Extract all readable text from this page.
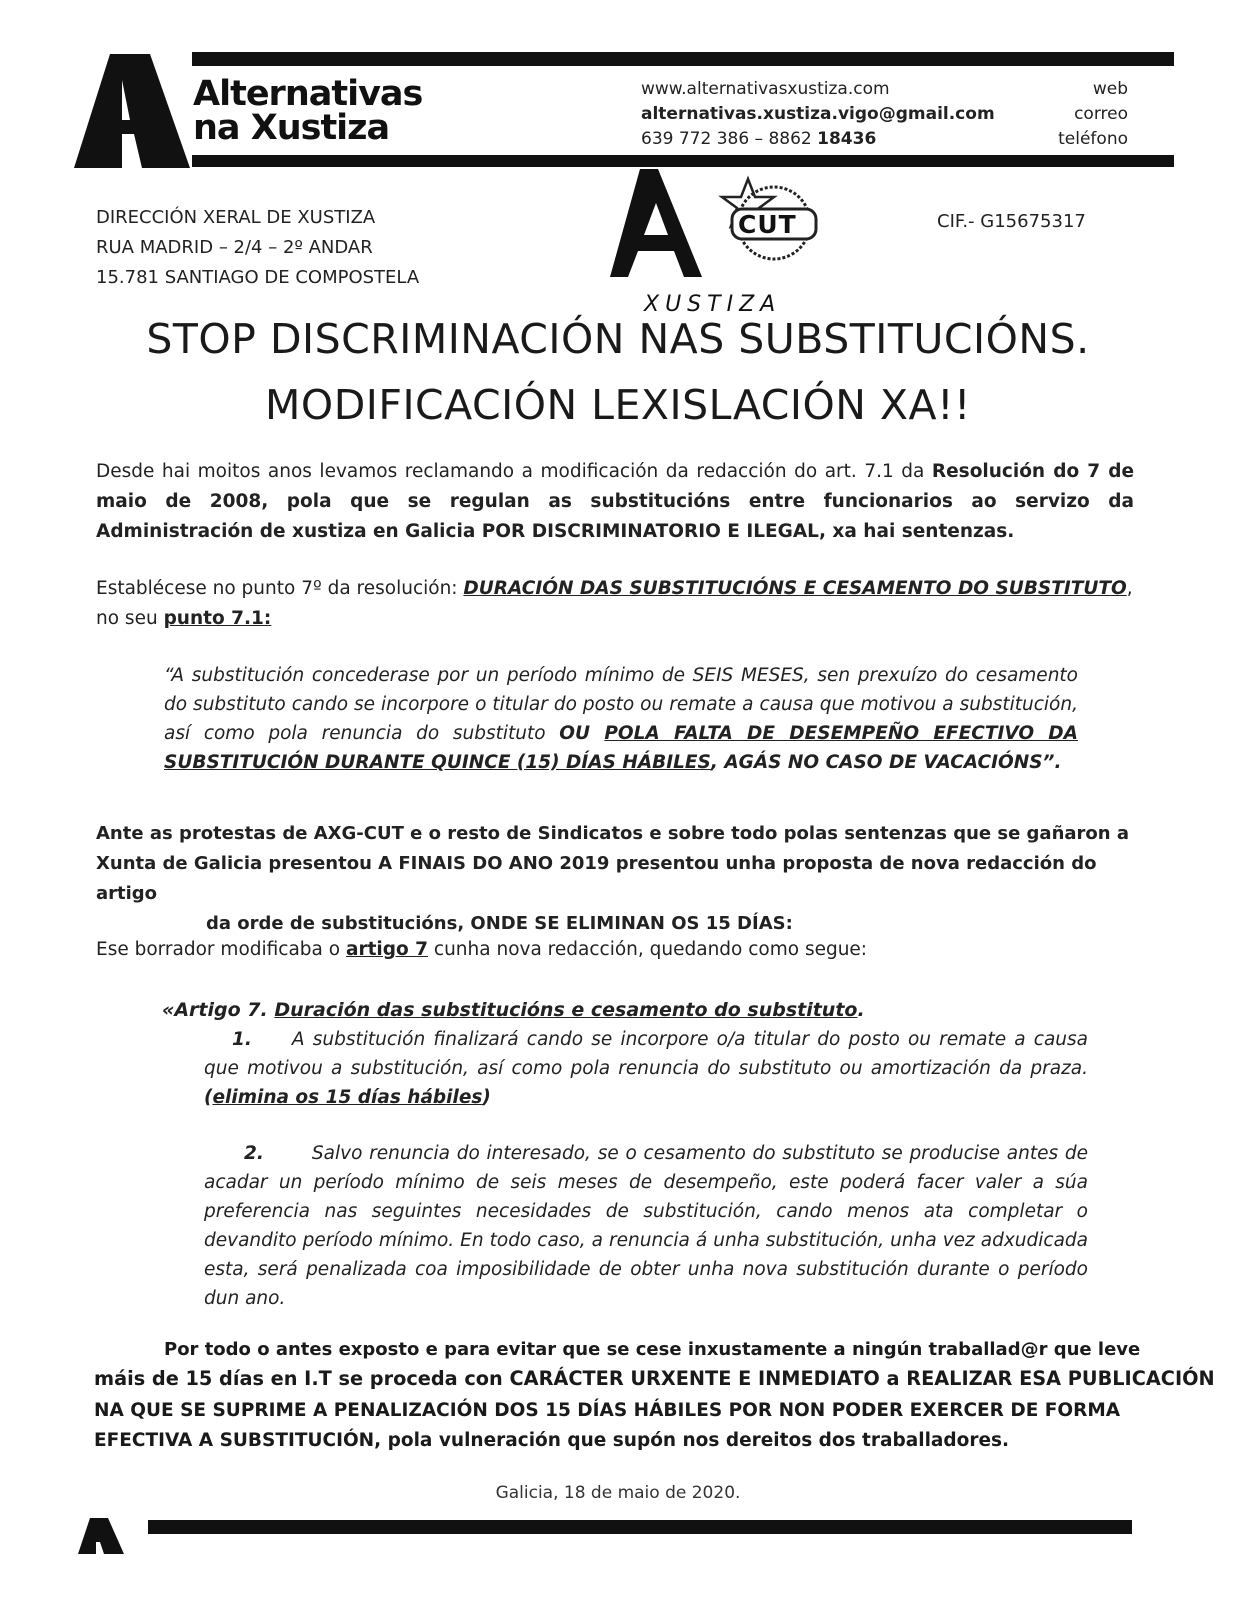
Alternativas
na Xustiza
www.alternativasxustiza.com
alternativas.xustiza.vigo@gmail.com
639 772 386 – 8862 18436
web
correo
teléfono
DIRECCIÓN XERAL DE XUSTIZA
RUA MADRID – 2/4 – 2º ANDAR
15.781 SANTIAGO DE COMPOSTELA
CUT
XUSTIZA
CIF.- G15675317
STOP DISCRIMINACIÓN NAS SUBSTITUCIÓNS.
MODIFICACIÓN LEXISLACIÓN XA!!
Desde hai moitos anos levamos reclamando a modificación da redacción do art. 7.1 da Resolución do 7 de maio de 2008, pola que se regulan as substitucións entre funcionarios ao servizo da Administración de xustiza en Galicia POR DISCRIMINATORIO E ILEGAL, xa hai sentenzas.
Establécese no punto 7º da resolución: DURACIÓN DAS SUBSTITUCIÓNS E CESAMENTO DO SUBSTITUTO, no seu punto 7.1:
“A substitución concederase por un período mínimo de SEIS MESES, sen prexuízo do cesamento do substituto cando se incorpore o titular do posto ou remate a causa que motivou a substitución, así como pola renuncia do substituto OU POLA FALTA DE DESEMPEÑO EFECTIVO DA SUBSTITUCIÓN DURANTE QUINCE (15) DÍAS HÁBILES, AGÁS NO CASO DE VACACIÓNS”.
Ante as protestas de AXG-CUT e o resto de Sindicatos e sobre todo polas sentenzas que se gañaron a
Xunta de Galicia presentou A FINAIS DO ANO 2019 presentou unha proposta de nova redacción do artigo
da orde de substitucións, ONDE SE ELIMINAN OS 15 DÍAS:
Ese borrador modificaba o artigo 7 cunha nova redacción, quedando como segue:
«Artigo 7. Duración das substitucións e cesamento do substituto.
1. A substitución finalizará cando se incorpore o/a titular do posto ou remate a causa que motivou a substitución, así como pola renuncia do substituto ou amortización da praza. (elimina os 15 días hábiles)
2.	Salvo renuncia do interesado, se o cesamento do substituto se producise antes de acadar un período mínimo de seis meses de desempeño, este poderá facer valer a súa preferencia nas seguintes necesidades de substitución, cando menos ata completar o devandito período mínimo. En todo caso, a renuncia á unha substitución, unha vez adxudicada esta, será penalizada coa imposibilidade de obter unha nova substitución durante o período dun ano.
Por todo o antes exposto e para evitar que se cese inxustamente a ningún traballad@r que leve
máis de 15 días en I.T se proceda con CARÁCTER URXENTE E INMEDIATO a REALIZAR ESA PUBLICACIÓN
NA QUE SE SUPRIME A PENALIZACIÓN DOS 15 DÍAS HÁBILES POR NON PODER EXERCER DE FORMA
EFECTIVA A SUBSTITUCIÓN, pola vulneración que supón nos dereitos dos traballadores.
Galicia, 18 de maio de 2020.
